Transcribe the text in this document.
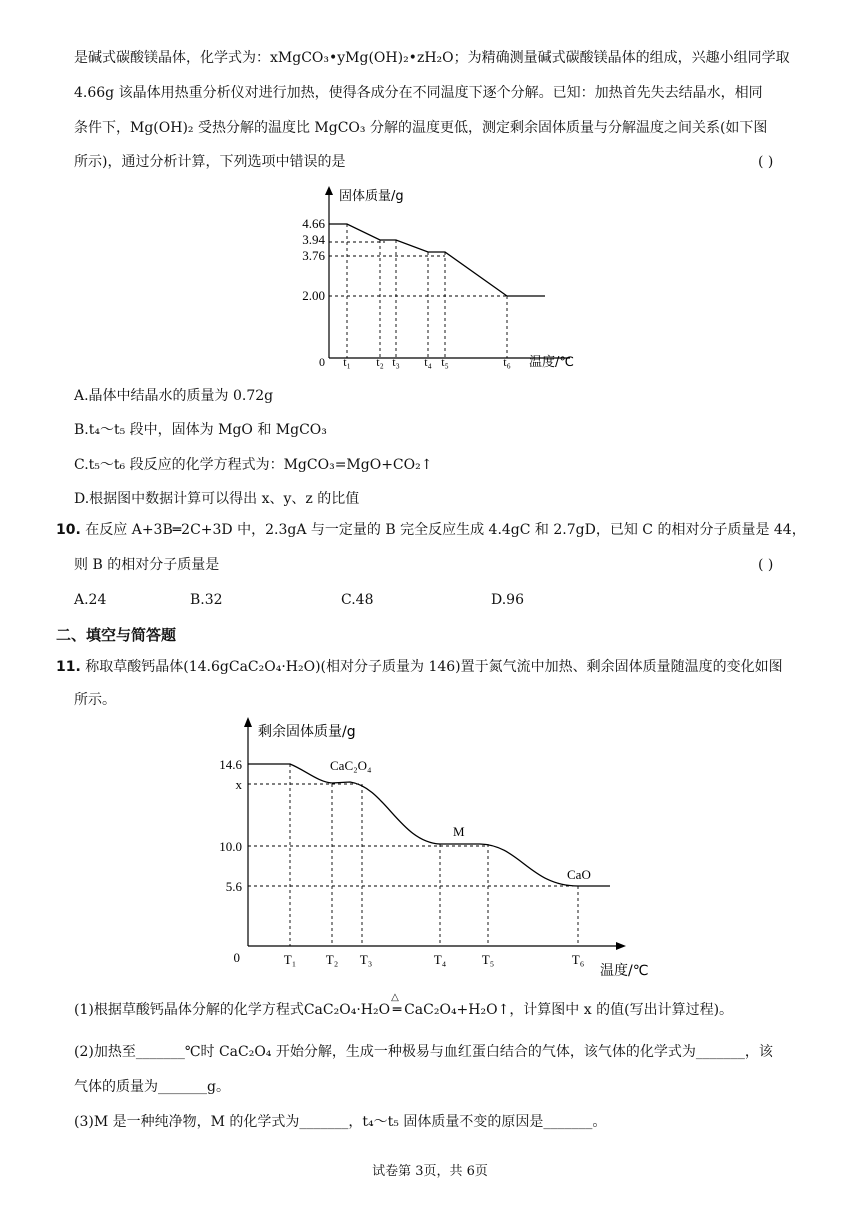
是碱式碳酸镁晶体，化学式为：xMgCO₃•yMg(OH)₂•zH₂O；为精确测量碱式碳酸镁晶体的组成，兴趣小组同学取
4.66g 该晶体用热重分析仪对进行加热，使得各成分在不同温度下逐个分解。已知：加热首先失去结晶水，相同
条件下，Mg(OH)₂ 受热分解的温度比 MgCO₃ 分解的温度更低，测定剩余固体质量与分解温度之间关系(如下图
所示)，通过分析计算，下列选项中错误的是	( )
固体质量/g
温度/℃
0
4.66
3.94
3.76
2.00
t₁ t₂ t₃ t₄ t₅	t₆
A.晶体中结晶水的质量为 0.72g
B.t₄～t₅ 段中，固体为 MgO 和 MgCO₃
C.t₅～t₆ 段反应的化学方程式为：MgCO₃=MgO+CO₂↑
D.根据图中数据计算可以得出 x、y、z 的比值
10. 在反应 A+3B═2C+3D 中，2.3gA 与一定量的 B 完全反应生成 4.4gC 和 2.7gD，已知 C 的相对分子质量是 44，
则 B 的相对分子质量是	( )
A.24	B.32	C.48	D.96
二、填空与简答题
11. 称取草酸钙晶体(14.6gCaC₂O₄·H₂O)(相对分子质量为 146)置于氮气流中加热、剩余固体质量随温度的变化如图
所示。
剩余固体质量/g
温度/℃
0
14.6
x
10.0
5.6
T₁ T₂ T₃	T₄	T₅	T₆
CaC₂O₄
M
CaO
(1)根据草酸钙晶体分解的化学方程式CaC₂O₄·H₂O
△
═ CaC₂O₄+H₂O↑，计算图中 x 的值(写出计算过程)。
(2)加热至_______℃时 CaC₂O₄ 开始分解，生成一种极易与血红蛋白结合的气体，该气体的化学式为_______，该
气体的质量为_______g。
(3)M 是一种纯净物，M 的化学式为_______，t₄～t₅ 固体质量不变的原因是_______。
试卷第 3页，共 6页
